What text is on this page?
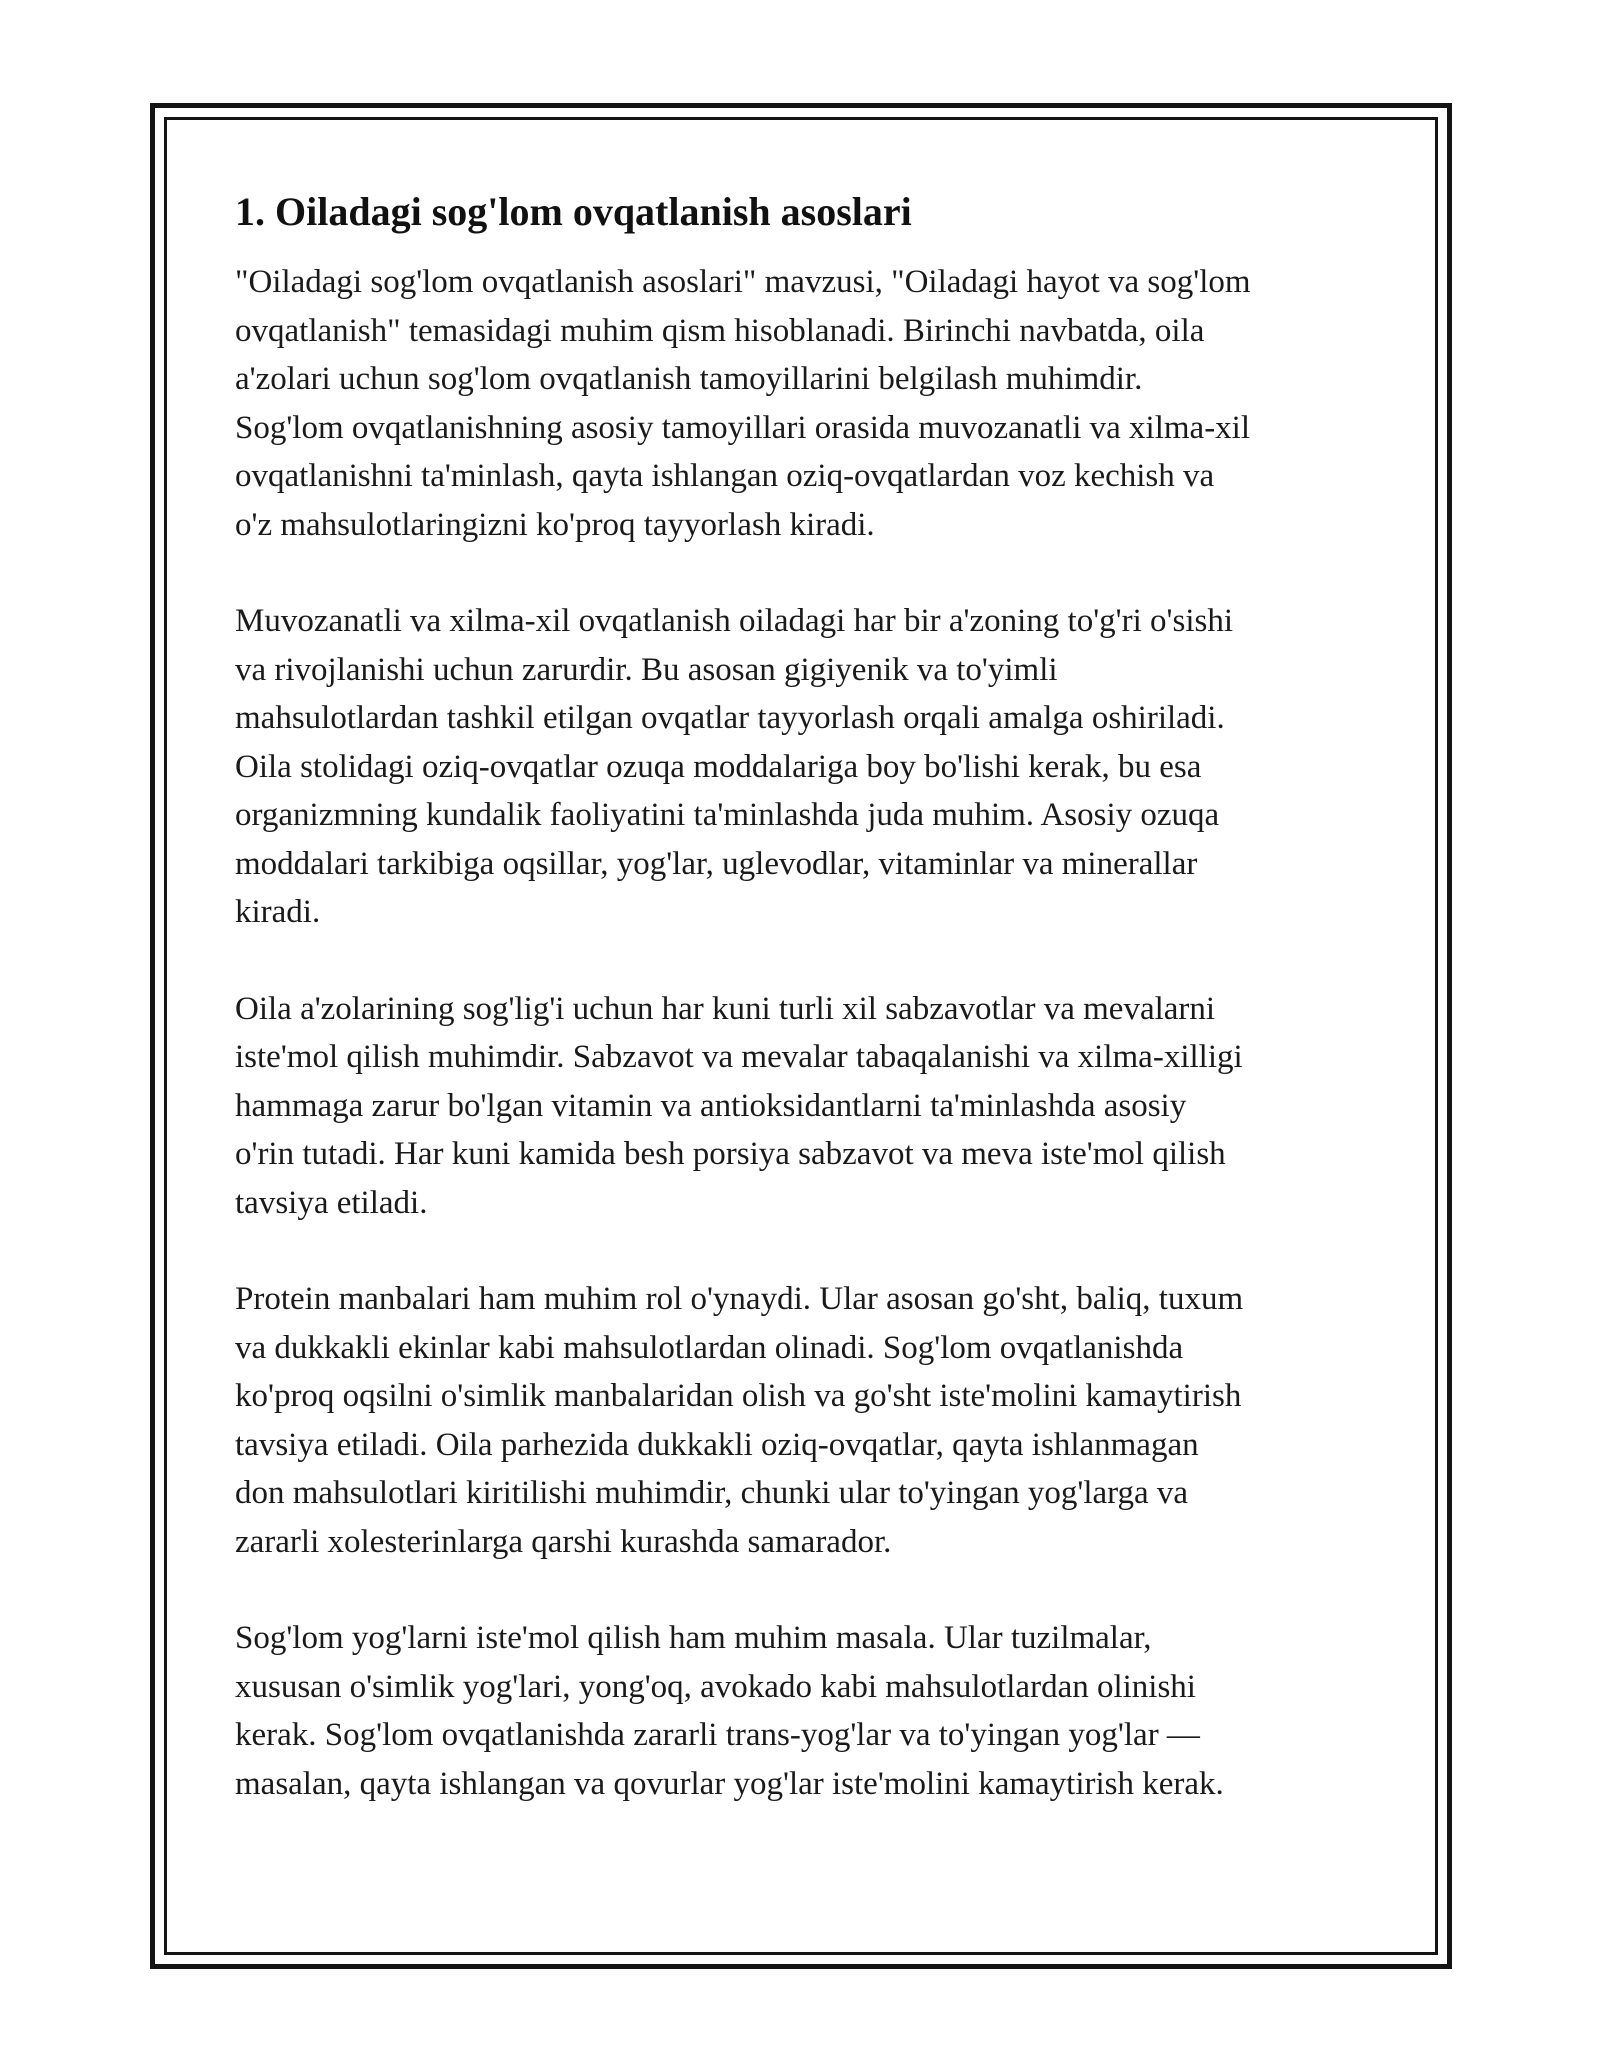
1. Oiladagi sog'lom ovqatlanish asoslari

"Oiladagi sog'lom ovqatlanish asoslari" mavzusi, "Oiladagi hayot va sog'lom
ovqatlanish" temasidagi muhim qism hisoblanadi. Birinchi navbatda, oila
a'zolari uchun sog'lom ovqatlanish tamoyillarini belgilash muhimdir.
Sog'lom ovqatlanishning asosiy tamoyillari orasida muvozanatli va xilma-xil
ovqatlanishni ta'minlash, qayta ishlangan oziq-ovqatlardan voz kechish va
o'z mahsulotlaringizni ko'proq tayyorlash kiradi.

Muvozanatli va xilma-xil ovqatlanish oiladagi har bir a'zoning to'g'ri o'sishi
va rivojlanishi uchun zarurdir. Bu asosan gigiyenik va to'yimli
mahsulotlardan tashkil etilgan ovqatlar tayyorlash orqali amalga oshiriladi.
Oila stolidagi oziq-ovqatlar ozuqa moddalariga boy bo'lishi kerak, bu esa
organizmning kundalik faoliyatini ta'minlashda juda muhim. Asosiy ozuqa
moddalari tarkibiga oqsillar, yog'lar, uglevodlar, vitaminlar va minerallar
kiradi.

Oila a'zolarining sog'lig'i uchun har kuni turli xil sabzavotlar va mevalarni
iste'mol qilish muhimdir. Sabzavot va mevalar tabaqalanishi va xilma-xilligi
hammaga zarur bo'lgan vitamin va antioksidantlarni ta'minlashda asosiy
o'rin tutadi. Har kuni kamida besh porsiya sabzavot va meva iste'mol qilish
tavsiya etiladi.

Protein manbalari ham muhim rol o'ynaydi. Ular asosan go'sht, baliq, tuxum
va dukkakli ekinlar kabi mahsulotlardan olinadi. Sog'lom ovqatlanishda
ko'proq oqsilni o'simlik manbalaridan olish va go'sht iste'molini kamaytirish
tavsiya etiladi. Oila parhezida dukkakli oziq-ovqatlar, qayta ishlanmagan
don mahsulotlari kiritilishi muhimdir, chunki ular to'yingan yog'larga va
zararli xolesterinlarga qarshi kurashda samarador.

Sog'lom yog'larni iste'mol qilish ham muhim masala. Ular tuzilmalar,
xususan o'simlik yog'lari, yong'oq, avokado kabi mahsulotlardan olinishi
kerak. Sog'lom ovqatlanishda zararli trans-yog'lar va to'yingan yog'lar —
masalan, qayta ishlangan va qovurlar yog'lar iste'molini kamaytirish kerak.
